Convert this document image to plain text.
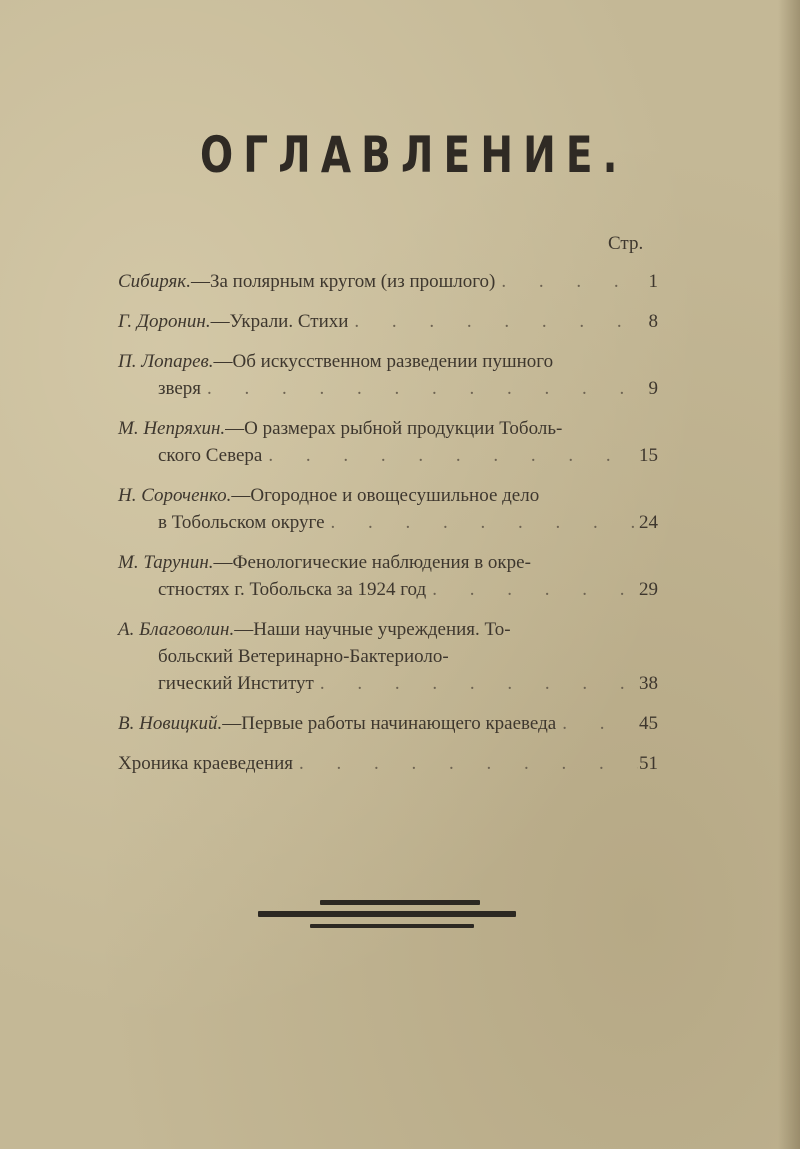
ОГЛАВЛЕНИЕ.
Стр.
Сибиряк. — За полярным кругом (из прошлого) . . .	1
Г. Доронин. — Украли. Стихи . . .	8
П. Лопарев. — Об искусственном разведении пушного
зверя . . .	9
М. Непряхин. — О размерах рыбной продукции Тоболь-
ского Севера . . .	15
Н. Сороченко. — Огородное и овощесушильное дело
в Тобольском округе . . .	24
М. Тарунин. — Фенологические наблюдения в окре-
стностях г. Тобольска за 1924 год . . .	29
А. Благоволин. — Наши научные учреждения. То-
больский Ветеринарно-Бактериоло-
гический Институт . . .	38
В. Новицкий. — Первые работы начинающего краеведа . . .	45
Хроника краеведения . . .	51
